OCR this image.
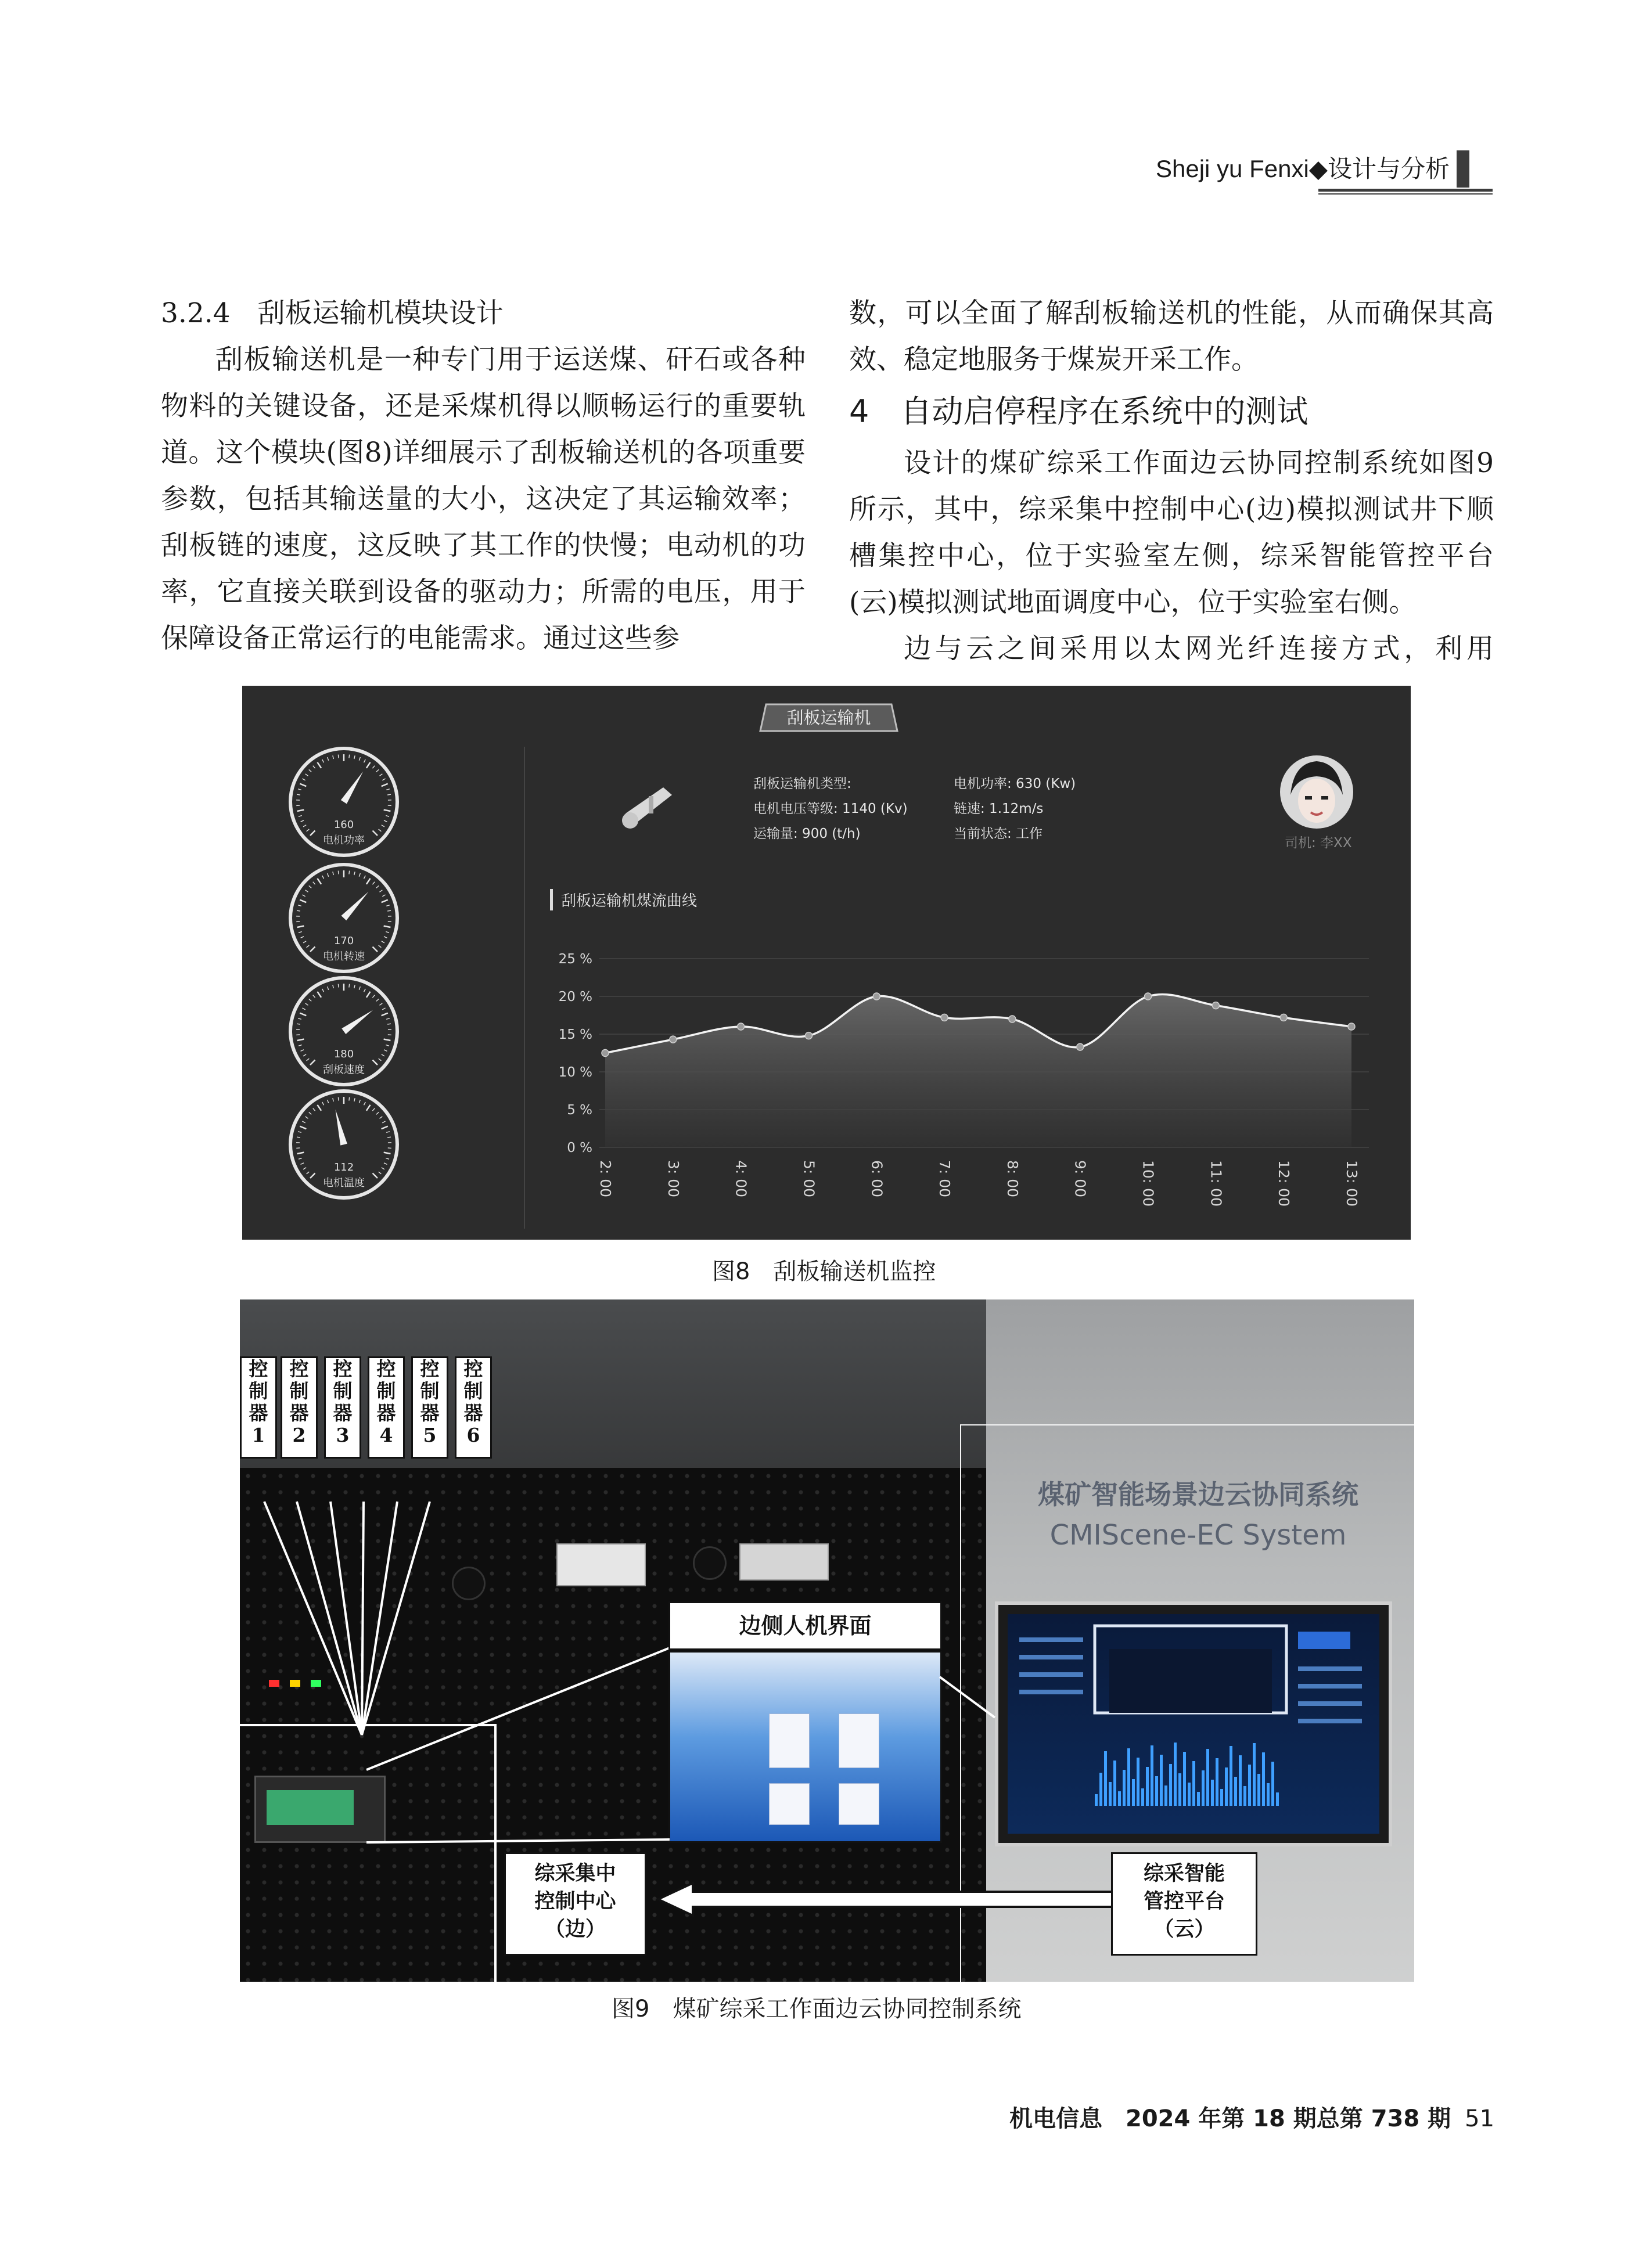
Sheji yu Fenxi◆设计与分析

3.2.4　刮板运输机模块设计

刮板输送机是一种专门用于运送煤、矸石或各种物料的关键设备，还是采煤机得以顺畅运行的重要轨道。这个模块(图8)详细展示了刮板输送机的各项重要参数，包括其输送量的大小，这决定了其运输效率；刮板链的速度，这反映了其工作的快慢；电动机的功率，它直接关联到设备的驱动力；所需的电压，用于保障设备正常运行的电能需求。通过这些参

数，可以全面了解刮板输送机的性能，从而确保其高效、稳定地服务于煤炭开采工作。

4　自动启停程序在系统中的测试

设计的煤矿综采工作面边云协同控制系统如图9所示，其中，综采集中控制中心(边)模拟测试井下顺槽集控中心，位于实验室左侧，综采智能管控平台(云)模拟测试地面调度中心，位于实验室右侧。

边与云之间采用以太网光纤连接方式，利用

刮板运输机
160
电机功率
170
电机转速
180
刮板速度
112
电机温度
刮板运输机类型:
电机电压等级: 1140 (Kv)
运输量: 900 (t/h)
电机功率: 630 (Kw)
链速: 1.12m/s
当前状态: 工作
司机: 李XX
刮板运输机煤流曲线
0 %
5 %
10 %
15 %
20 %
25 %
2: 00	3: 00	4: 00	5: 00	6: 00	7: 00	8: 00	9: 00	10: 00	11: 00	12: 00	13: 00
图8　刮板输送机监控
煤矿智能场景边云协同系统
CMIScene-EC System
控
制
器
1
控
制
器
2
控
制
器
3
控
制
器
4
控
制
器
5
控
制
器
6
边侧人机界面
综采集中
控制中心
（边）
综采智能
管控平台
（云）
图9　煤矿综采工作面边云协同控制系统
机电信息　2024 年第 18 期总第 738 期 51
